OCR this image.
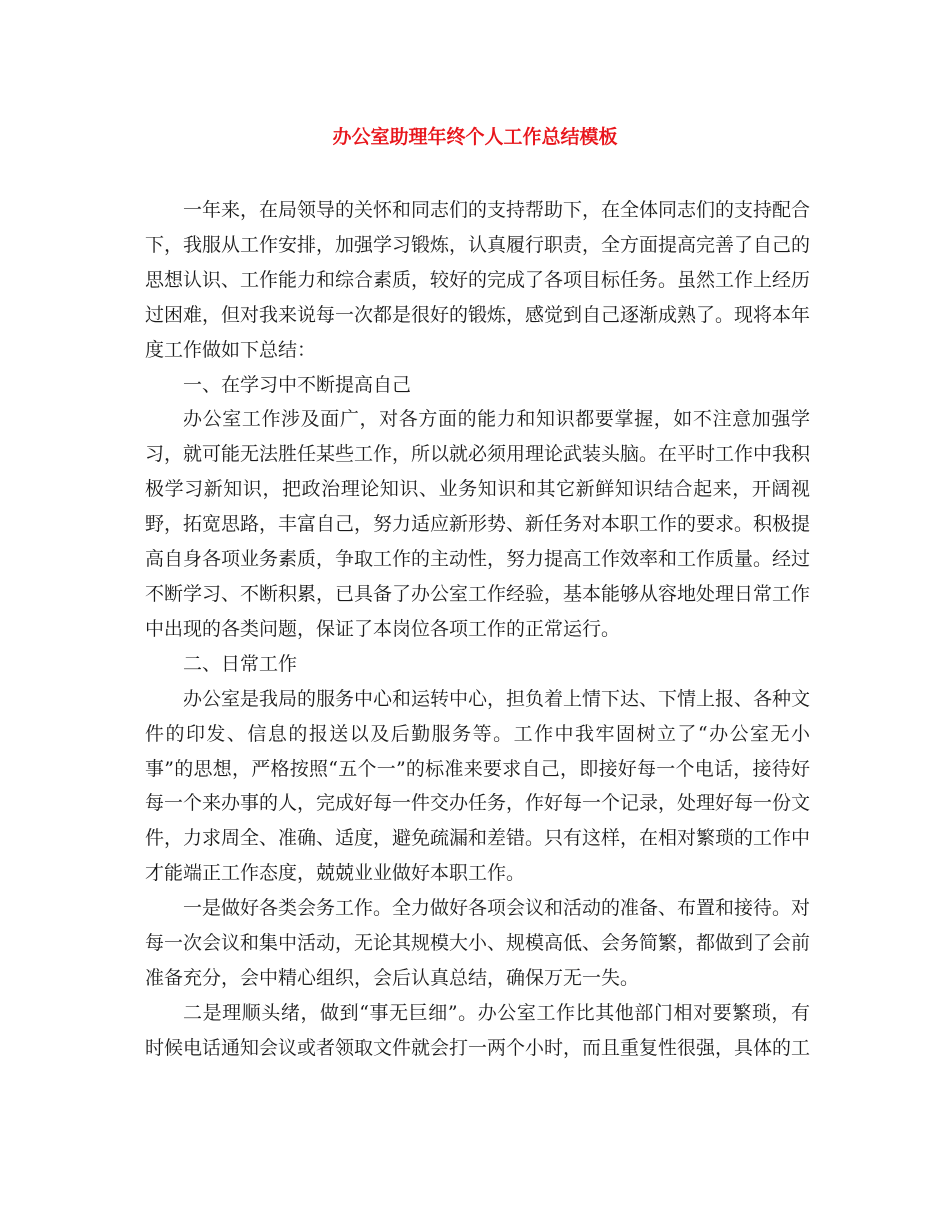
办公室助理年终个人工作总结模板

一年来，在局领导的关怀和同志们的支持帮助下，在全体同志们的支持配合下，我服从工作安排，加强学习锻炼，认真履行职责，全方面提高完善了自己的思想认识、工作能力和综合素质，较好的完成了各项目标任务。虽然工作上经历过困难，但对我来说每一次都是很好的锻炼，感觉到自己逐渐成熟了。现将本年度工作做如下总结：

一、在学习中不断提高自己

办公室工作涉及面广，对各方面的能力和知识都要掌握，如不注意加强学习，就可能无法胜任某些工作，所以就必须用理论武装头脑。在平时工作中我积极学习新知识，把政治理论知识、业务知识和其它新鲜知识结合起来，开阔视野，拓宽思路，丰富自己，努力适应新形势、新任务对本职工作的要求。积极提高自身各项业务素质，争取工作的主动性，努力提高工作效率和工作质量。经过不断学习、不断积累，已具备了办公室工作经验，基本能够从容地处理日常工作中出现的各类问题，保证了本岗位各项工作的正常运行。

二、日常工作

办公室是我局的服务中心和运转中心，担负着上情下达、下情上报、各种文件的印发、信息的报送以及后勤服务等。工作中我牢固树立了“办公室无小事”的思想，严格按照“五个一”的标准来要求自己，即接好每一个电话，接待好每一个来办事的人，完成好每一件交办任务，作好每一个记录，处理好每一份文件，力求周全、准确、适度，避免疏漏和差错。只有这样，在相对繁琐的工作中才能端正工作态度，兢兢业业做好本职工作。

一是做好各类会务工作。全力做好各项会议和活动的准备、布置和接待。对每一次会议和集中活动，无论其规模大小、规模高低、会务简繁，都做到了会前准备充分，会中精心组织，会后认真总结，确保万无一失。

二是理顺头绪，做到“事无巨细”。办公室工作比其他部门相对要繁琐，有时候电话通知会议或者领取文件就会打一两个小时，而且重复性很强，具体的工
